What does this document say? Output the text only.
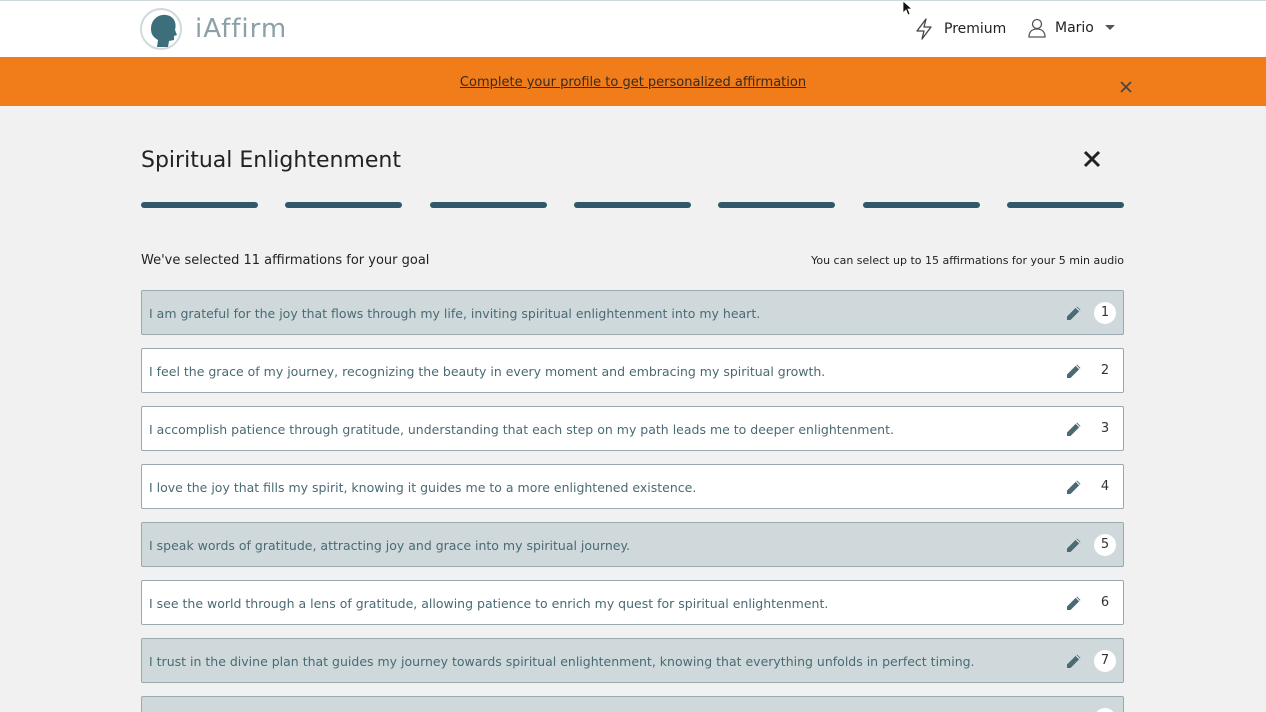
iAffirm	Premium	Mario
Complete your profile to get personalized affirmation
Spiritual Enlightenment
We've selected 11 affirmations for your goal	You can select up to 15 affirmations for your 5 min audio
I am grateful for the joy that flows through my life, inviting spiritual enlightenment into my heart.	1
I feel the grace of my journey, recognizing the beauty in every moment and embracing my spiritual growth.	2
I accomplish patience through gratitude, understanding that each step on my path leads me to deeper enlightenment.	3
I love the joy that fills my spirit, knowing it guides me to a more enlightened existence.	4
I speak words of gratitude, attracting joy and grace into my spiritual journey.	5
I see the world through a lens of gratitude, allowing patience to enrich my quest for spiritual enlightenment.	6
I trust in the divine plan that guides my journey towards spiritual enlightenment, knowing that everything unfolds in perfect timing.	7
